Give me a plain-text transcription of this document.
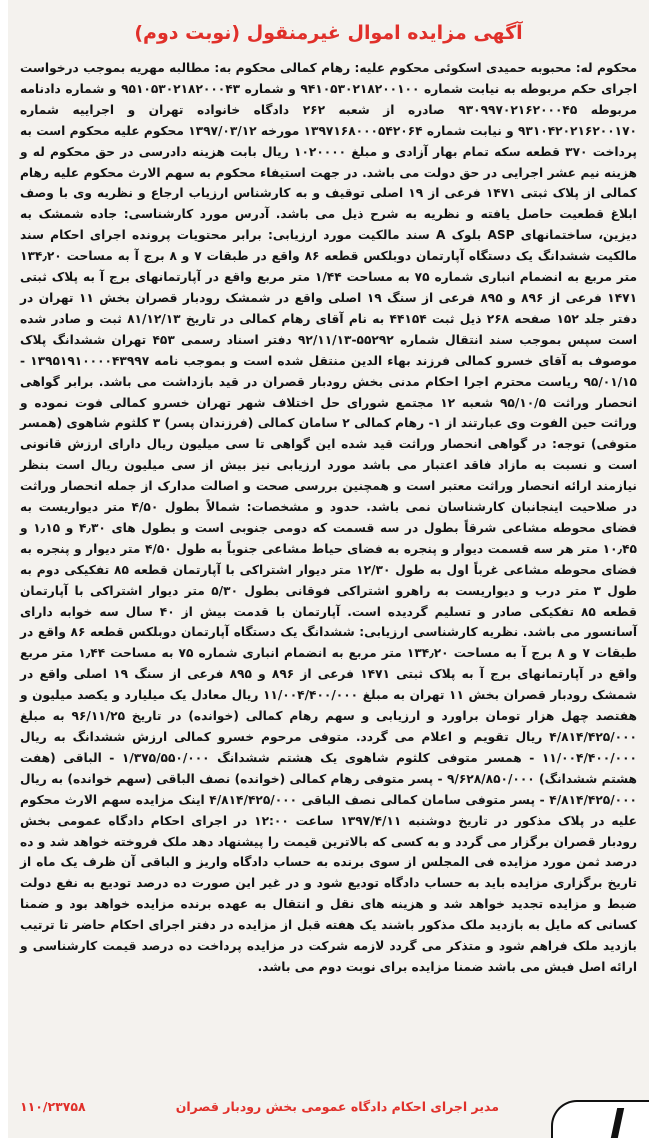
آگهی مزایده اموال غیرمنقول (نوبت دوم)

محکوم له: محبوبه حمیدی اسکوئی محکوم علیه: رهام کمالی محکوم به: مطالبه مهریه بموجب درخواست اجرای حکم مربوطه به نیابت شماره ۹۴۱۰۵۳۰۲۱۸۲۰۰۱۰۰ و شماره ۹۵۱۰۵۳۰۲۱۸۲۰۰۰۴۳ و شماره دادنامه مربوطه ۹۳۰۹۹۷۰۲۱۶۲۰۰۰۴۵ صادره از شعبه ۲۶۲ دادگاه خانواده تهران و اجراییه شماره ۹۳۱۰۴۲۰۲۱۶۲۰۰۱۷۰ و نیابت شماره ۱۳۹۷۱۶۸۰۰۰۵۴۲۰۶۴ مورخه ۱۳۹۷/۰۳/۱۲ محکوم علیه محکوم است به پرداخت ۳۷۰ قطعه سکه تمام بهار آزادی و مبلغ ۱۰۲۰۰۰۰ ریال بابت هزینه دادرسی در حق محکوم له و هزینه نیم عشر اجرایی در حق دولت می باشد. در جهت استیفاء محکوم به سهم الارث محکوم علیه رهام کمالی از پلاک ثبتی ۱۴۷۱ فرعی از ۱۹ اصلی توقیف و به کارشناس ارزیاب ارجاع و نظریه وی با وصف ابلاغ قطعیت حاصل یافته و نظریه به شرح ذیل می باشد. آدرس مورد کارشناسی: جاده شمشک به دیزین، ساختمانهای ASP بلوک A سند مالکیت مورد ارزیابی: برابر محتویات پرونده اجرای احکام سند مالکیت ششدانگ یک دستگاه آپارتمان دوبلکس قطعه ۸۶ واقع در طبقات ۷ و ۸ برج آ به مساحت ۱۳۴٫۲۰ متر مربع به انضمام انباری شماره ۷۵ به مساحت ۱/۴۴ متر مربع واقع در آپارتمانهای برج آ به پلاک ثبتی ۱۴۷۱ فرعی از ۸۹۶ و ۸۹۵ فرعی از سنگ ۱۹ اصلی واقع در شمشک رودبار قصران بخش ۱۱ تهران در دفتر جلد ۱۵۲ صفحه ۲۶۸ ذیل ثبت ۴۴۱۵۴ به نام آقای رهام کمالی در تاریخ ۸۱/۱۲/۱۳ ثبت و صادر شده است سپس بموجب سند انتقال شماره ۵۵۲۹۲-۹۲/۱۱/۱۳ دفتر اسناد رسمی ۴۵۳ تهران ششدانگ پلاک موصوف به آقای خسرو کمالی فرزند بهاء الدین منتقل شده است و بموجب نامه ۱۳۹۵۱۹۱۰۰۰۰۴۳۹۹۷ - ۹۵/۰۱/۱۵ ریاست محترم اجرا احکام مدنی بخش رودبار قصران در قید بازداشت می باشد. برابر گواهی انحصار وراثت ۹۵/۱۰/۵ شعبه ۱۲ مجتمع شورای حل اختلاف شهر تهران خسرو کمالی فوت نموده و وراثت حین الفوت وی عبارتند از ۱- رهام کمالی ۲ سامان کمالی (فرزندان پسر) ۳ کلثوم شاهوی (همسر متوفی) توجه: در گواهی انحصار وراثت قید شده این گواهی تا سی میلیون ریال دارای ارزش قانونی است و نسبت به مازاد فاقد اعتبار می باشد مورد ارزیابی نیز بیش از سی میلیون ریال است بنظر نیازمند ارائه انحصار وراثت معتبر است و همچنین بررسی صحت و اصالت مدارک از جمله انحصار وراثت در صلاحیت اینجانبان کارشناسان نمی باشد. حدود و مشخصات: شمالاً بطول ۴/۵۰ متر دیواریست به فضای محوطه مشاعی شرقاً بطول در سه قسمت که دومی جنوبی است و بطول های ۴٫۳۰ و ۱٫۱۵ و ۱۰٫۴۵ متر هر سه قسمت دیوار و پنجره به فضای حیاط مشاعی جنوباً به طول ۴/۵۰ متر دیوار و پنجره به فضای محوطه مشاعی غرباً اول به طول ۱۲/۳۰ متر دیوار اشتراکی با آپارتمان قطعه ۸۵ تفکیکی دوم به طول ۳ متر درب و دیواریست به راهرو اشتراکی فوقانی بطول ۵/۳۰ متر دیوار اشتراکی با آپارتمان قطعه ۸۵ تفکیکی صادر و تسلیم گردیده است. آپارتمان با قدمت بیش از ۴۰ سال سه خوابه دارای آسانسور می باشد. نظریه کارشناسی ارزیابی: ششدانگ یک دستگاه آپارتمان دوبلکس قطعه ۸۶ واقع در طبقات ۷ و ۸ برج آ به مساحت ۱۳۴٫۲۰ متر مربع به انضمام انباری شماره ۷۵ به مساحت ۱٫۴۴ متر مربع واقع در آپارتمانهای برج آ به پلاک ثبتی ۱۴۷۱ فرعی از ۸۹۶ و ۸۹۵ فرعی از سنگ ۱۹ اصلی واقع در شمشک رودبار قصران بخش ۱۱ تهران به مبلغ ۱۱/۰۰۴/۴۰۰/۰۰۰ ریال معادل یک میلیارد و یکصد میلیون و هفتصد چهل هزار تومان براورد و ارزیابی و سهم رهام کمالی (خوانده) در تاریخ ۹۶/۱۱/۲۵ به مبلغ ۴/۸۱۴/۴۲۵/۰۰۰ ریال تقویم و اعلام می گردد. متوفی مرحوم خسرو کمالی ارزش ششدانگ به ریال ۱۱/۰۰۴/۴۰۰/۰۰۰ - همسر متوفی کلثوم شاهوی یک هشتم ششدانگ ۱/۳۷۵/۵۵۰/۰۰۰ - الباقی (هفت هشتم ششدانگ) ۹/۶۲۸/۸۵۰/۰۰۰ - پسر متوفی رهام کمالی (خوانده) نصف الباقی (سهم خوانده) به ریال ۴/۸۱۴/۴۲۵/۰۰۰ - پسر متوفی سامان کمالی نصف الباقی ۴/۸۱۴/۴۲۵/۰۰۰ اینک مزایده سهم الارث محکوم علیه در پلاک مذکور در تاریخ دوشنبه ۱۳۹۷/۴/۱۱ ساعت ۱۲:۰۰ در اجرای احکام دادگاه عمومی بخش رودبار قصران برگزار می گردد و به کسی که بالاترین قیمت را پیشنهاد دهد ملک فروخته خواهد شد و ده درصد ثمن مورد مزایده فی المجلس از سوی برنده به حساب دادگاه واریز و الباقی آن ظرف یک ماه از تاریخ برگزاری مزایده باید به حساب دادگاه تودیع شود و در غیر این صورت ده درصد تودیع به نفع دولت ضبط و مزایده تجدید خواهد شد و هزینه های نقل و انتقال به عهده برنده مزایده خواهد بود و ضمنا کسانی که مایل به بازدید ملک مذکور باشند یک هفته قبل از مزایده در دفتر اجرای احکام حاضر تا ترتیب بازدید ملک فراهم شود و متذکر می گردد لازمه شرکت در مزایده پرداخت ده درصد قیمت کارشناسی و ارائه اصل فیش می باشد ضمنا مزایده برای نوبت دوم می باشد.

مدیر اجرای احکام دادگاه عمومی بخش رودبار قصران
۱۱۰/۲۳۷۵۸
